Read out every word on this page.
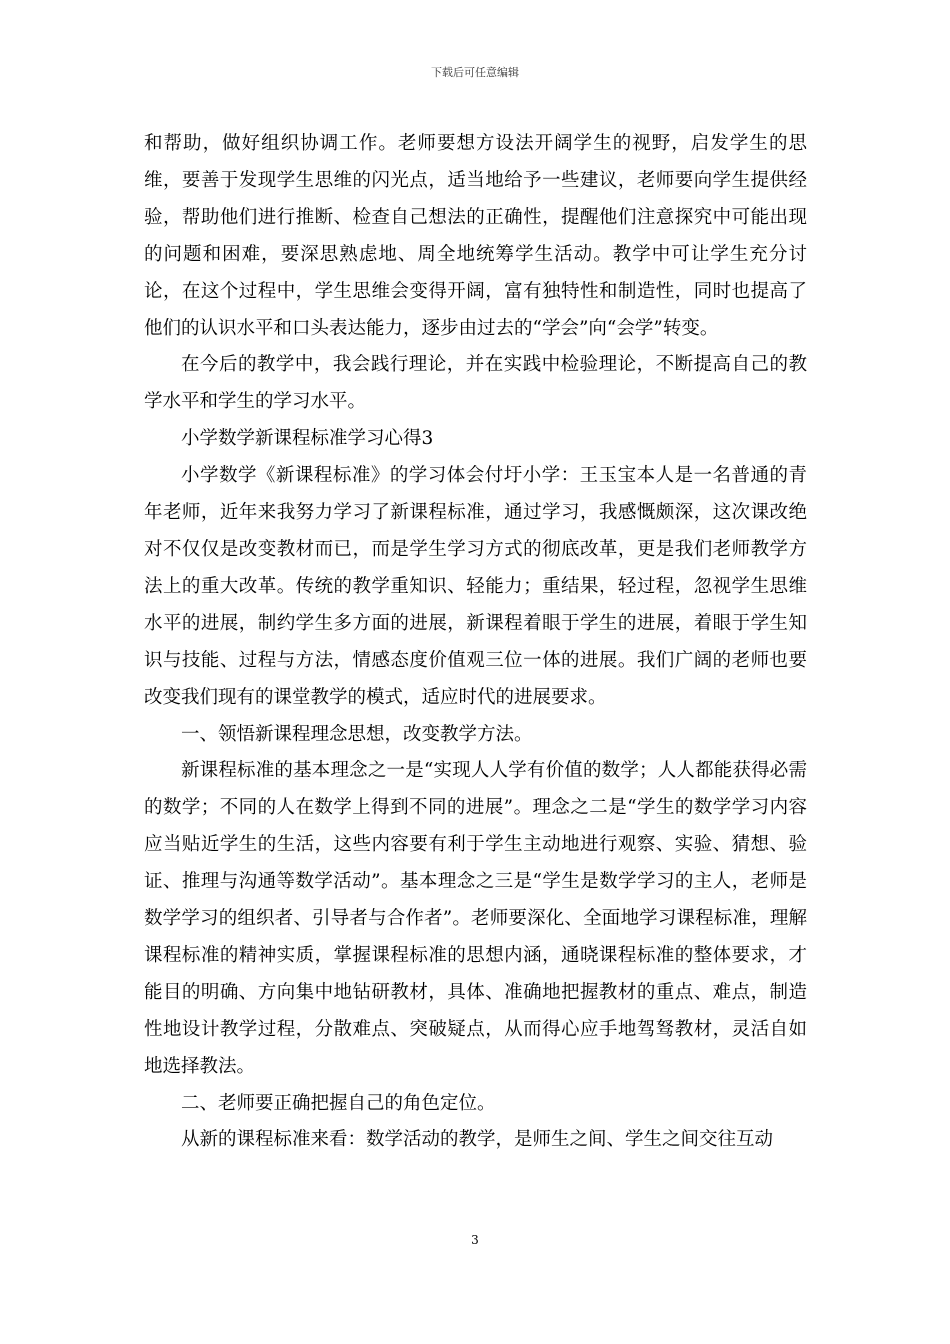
下载后可任意编辑

和帮助，做好组织协调工作。老师要想方设法开阔学生的视野，启发学生的思维，要善于发现学生思维的闪光点，适当地给予一些建议，老师要向学生提供经验，帮助他们进行推断、检查自己想法的正确性，提醒他们注意探究中可能出现的问题和困难，要深思熟虑地、周全地统筹学生活动。教学中可让学生充分讨论，在这个过程中，学生思维会变得开阔，富有独特性和制造性，同时也提高了他们的认识水平和口头表达能力，逐步由过去的“学会”向“会学”转变。

在今后的教学中，我会践行理论，并在实践中检验理论，不断提高自己的教学水平和学生的学习水平。

小学数学新课程标准学习心得3

小学数学《新课程标准》的学习体会付圩小学：王玉宝本人是一名普通的青年老师，近年来我努力学习了新课程标准，通过学习，我感慨颇深，这次课改绝对不仅仅是改变教材而已，而是学生学习方式的彻底改革，更是我们老师教学方法上的重大改革。传统的教学重知识、轻能力；重结果，轻过程，忽视学生思维水平的进展，制约学生多方面的进展，新课程着眼于学生的进展，着眼于学生知识与技能、过程与方法，情感态度价值观三位一体的进展。我们广阔的老师也要改变我们现有的课堂教学的模式，适应时代的进展要求。

一、领悟新课程理念思想，改变教学方法。

新课程标准的基本理念之一是“实现人人学有价值的数学；人人都能获得必需的数学；不同的人在数学上得到不同的进展”。理念之二是“学生的数学学习内容应当贴近学生的生活，这些内容要有利于学生主动地进行观察、实验、猜想、验证、推理与沟通等数学活动”。基本理念之三是“学生是数学学习的主人，老师是数学学习的组织者、引导者与合作者”。老师要深化、全面地学习课程标准，理解课程标准的精神实质，掌握课程标准的思想内涵，通晓课程标准的整体要求，才能目的明确、方向集中地钻研教材，具体、准确地把握教材的重点、难点，制造性地设计教学过程，分散难点、突破疑点，从而得心应手地驾驽教材，灵活自如地选择教法。

二、老师要正确把握自己的角色定位。

从新的课程标准来看：数学活动的教学，是师生之间、学生之间交往互动

3
